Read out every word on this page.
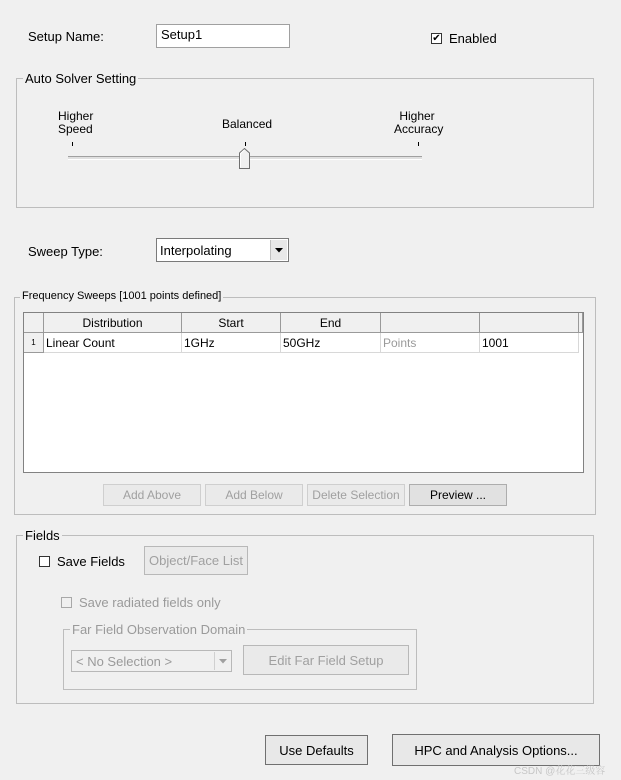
Setup Name:	Setup1	✔ Enabled
Auto Solver Setting
Higher
Speed	Balanced
Higher
Accuracy
Sweep Type:	Interpolating
Frequency Sweeps [1001 points defined]
Distribution	Start	End
1 Linear Count	1GHz	50GHz	Points	1001
Add Above	Add Below	Delete Selection	Preview ...
Fields
Save Fields	Object/Face List
Save radiated fields only
Far Field Observation Domain
< No Selection >	Edit Far Field Setup
Use Defaults	HPC and Analysis Options...
CSDN @花花三级容
